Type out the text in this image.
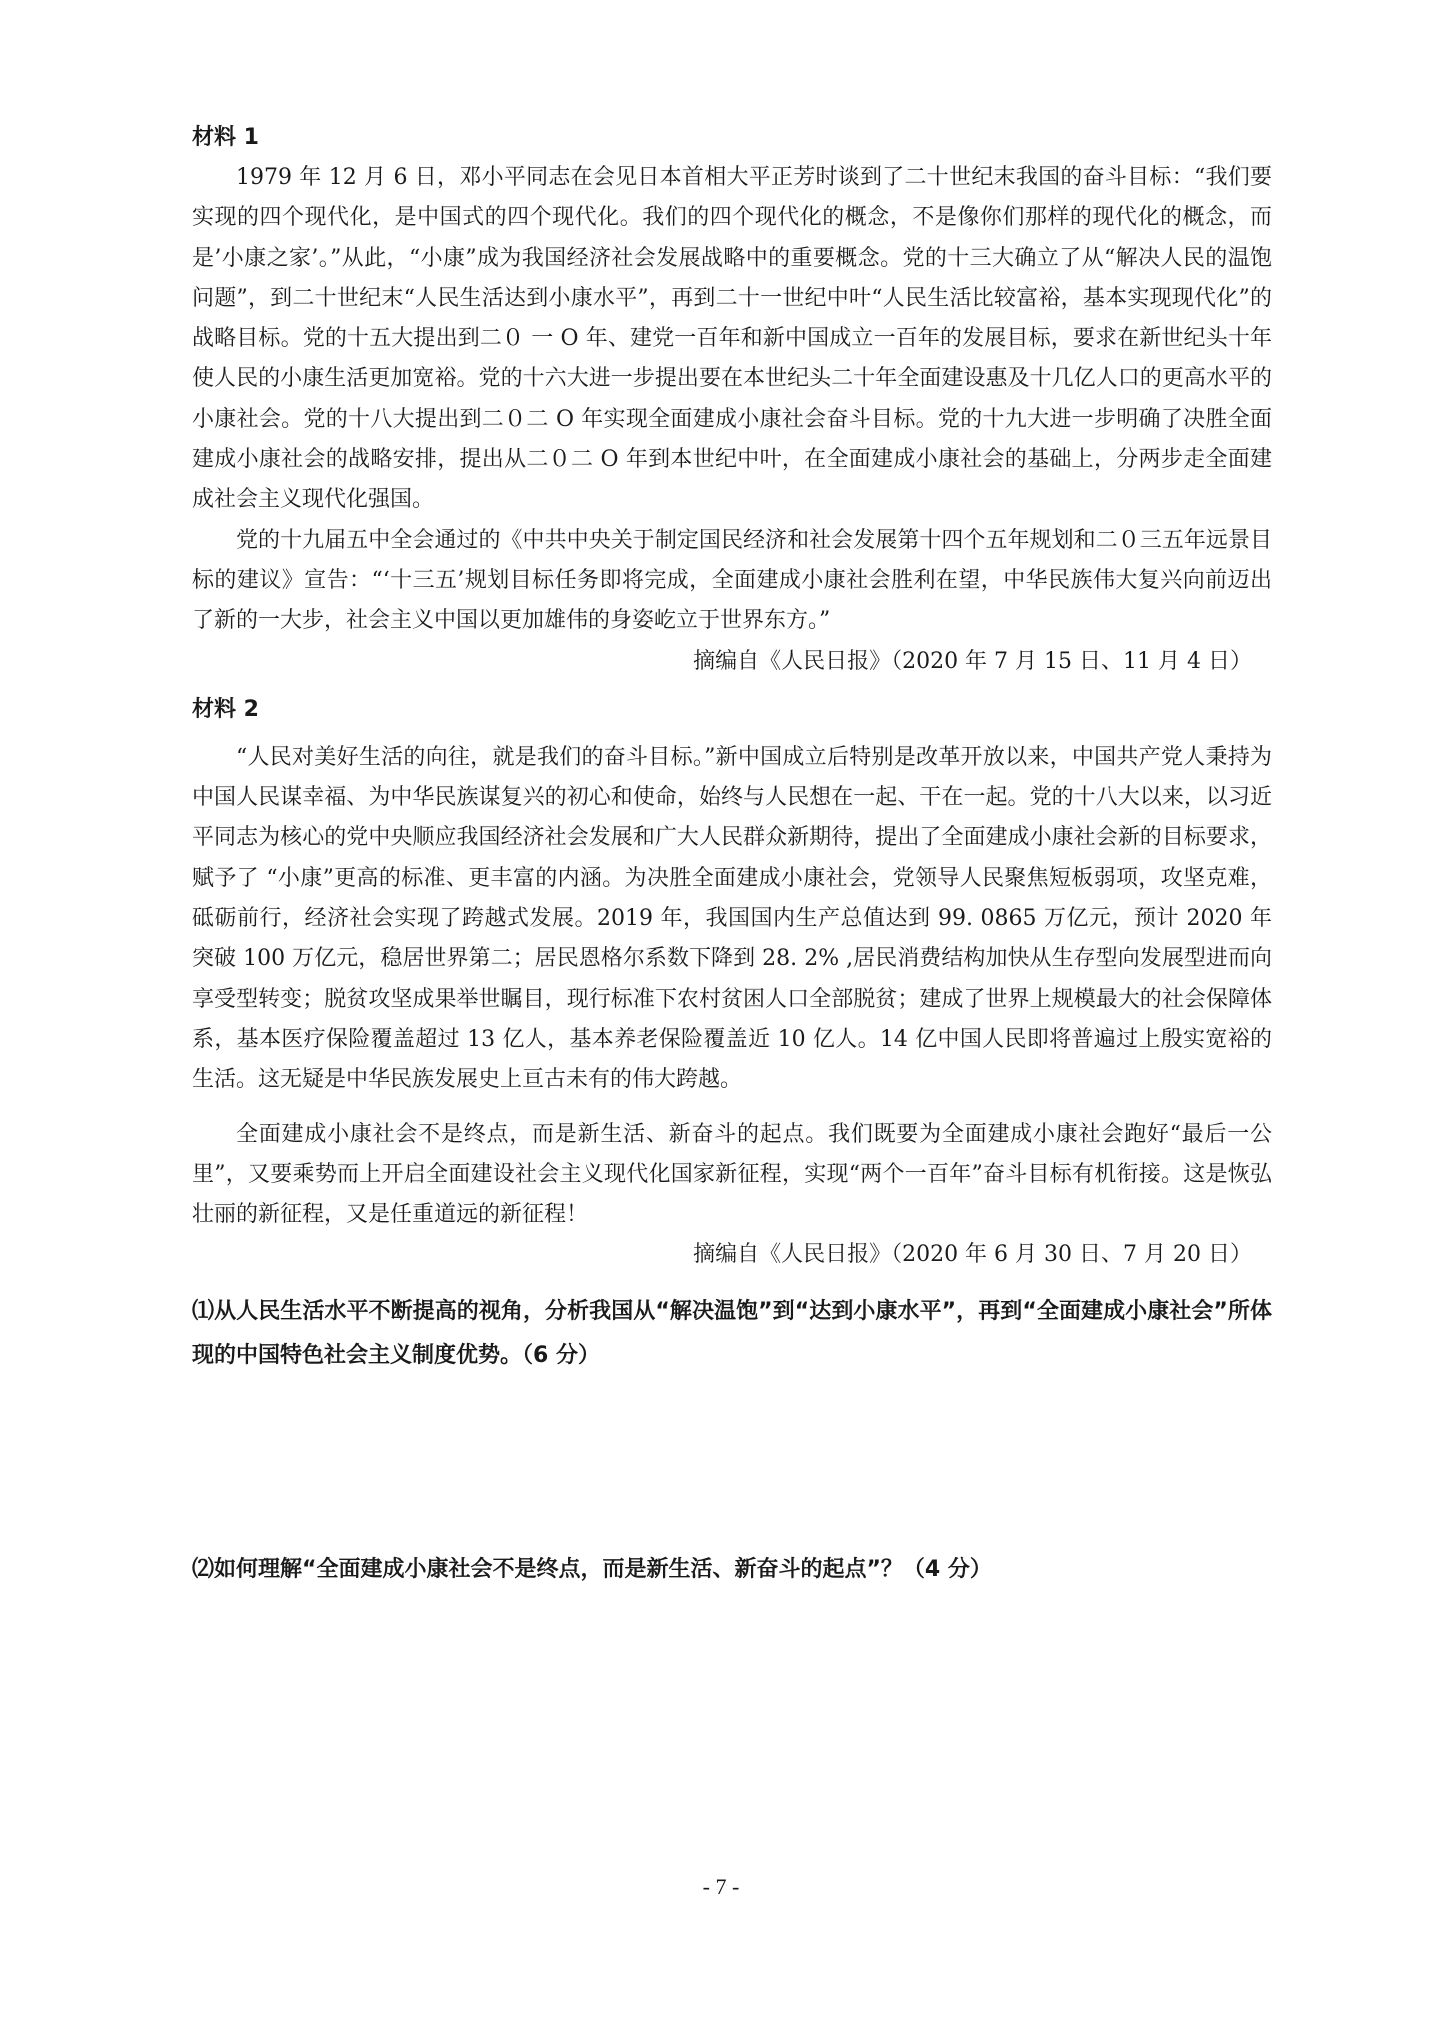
材料 1

1979 年 12 月 6 日，邓小平同志在会见日本首相大平正芳时谈到了二十世纪末我国的奋斗目标：“我们要实现的四个现代化，是中国式的四个现代化。我们的四个现代化的概念，不是像你们那样的现代化的概念，而是’小康之家’。”从此，“小康”成为我国经济社会发展战略中的重要概念。党的十三大确立了从“解决人民的温饱问题”，到二十世纪末“人民生活达到小康水平”，再到二十一世纪中叶“人民生活比较富裕，基本实现现代化”的战略目标。党的十五大提出到二０ 一 O 年、建党一百年和新中国成立一百年的发展目标，要求在新世纪头十年使人民的小康生活更加宽裕。党的十六大进一步提出要在本世纪头二十年全面建设惠及十几亿人口的更高水平的小康社会。党的十八大提出到二０二 O 年实现全面建成小康社会奋斗目标。党的十九大进一步明确了决胜全面建成小康社会的战略安排，提出从二０二 O 年到本世纪中叶，在全面建成小康社会的基础上，分两步走全面建成社会主义现代化强国。

党的十九届五中全会通过的《中共中央关于制定国民经济和社会发展第十四个五年规划和二０三五年远景目标的建议》宣告：“‘十三五’规划目标任务即将完成，全面建成小康社会胜利在望，中华民族伟大复兴向前迈出了新的一大步，社会主义中国以更加雄伟的身姿屹立于世界东方。”

摘编自《人民日报》（2020 年 7 月 15 日、11 月 4 日）

材料 2

“人民对美好生活的向往，就是我们的奋斗目标。”新中国成立后特别是改革开放以来，中国共产党人秉持为中国人民谋幸福、为中华民族谋复兴的初心和使命，始终与人民想在一起、干在一起。党的十八大以来，以习近平同志为核心的党中央顺应我国经济社会发展和广大人民群众新期待，提出了全面建成小康社会新的目标要求，赋予了 “小康”更高的标准、更丰富的内涵。为决胜全面建成小康社会，党领导人民聚焦短板弱项，攻坚克难，砥砺前行，经济社会实现了跨越式发展。2019 年，我国国内生产总值达到 99. 0865 万亿元，预计 2020 年突破 100 万亿元，稳居世界第二；居民恩格尔系数下降到 28. 2% ,居民消费结构加快从生存型向发展型进而向享受型转变；脱贫攻坚成果举世瞩目，现行标准下农村贫困人口全部脱贫；建成了世界上规模最大的社会保障体系，基本医疗保险覆盖超过 13 亿人，基本养老保险覆盖近 10 亿人。14 亿中国人民即将普遍过上殷实宽裕的生活。这无疑是中华民族发展史上亘古未有的伟大跨越。

全面建成小康社会不是终点，而是新生活、新奋斗的起点。我们既要为全面建成小康社会跑好“最后一公里”，又要乘势而上开启全面建设社会主义现代化国家新征程，实现“两个一百年”奋斗目标有机衔接。这是恢弘壮丽的新征程，又是任重道远的新征程！

摘编自《人民日报》（2020 年 6 月 30 日、7 月 20 日）

⑴从人民生活水平不断提高的视角，分析我国从“解决温饱”到“达到小康水平”，再到“全面建成小康社会”所体现的中国特色社会主义制度优势。（6 分）

⑵如何理解“全面建成小康社会不是终点，而是新生活、新奋斗的起点”？（4 分）

- 7 -
